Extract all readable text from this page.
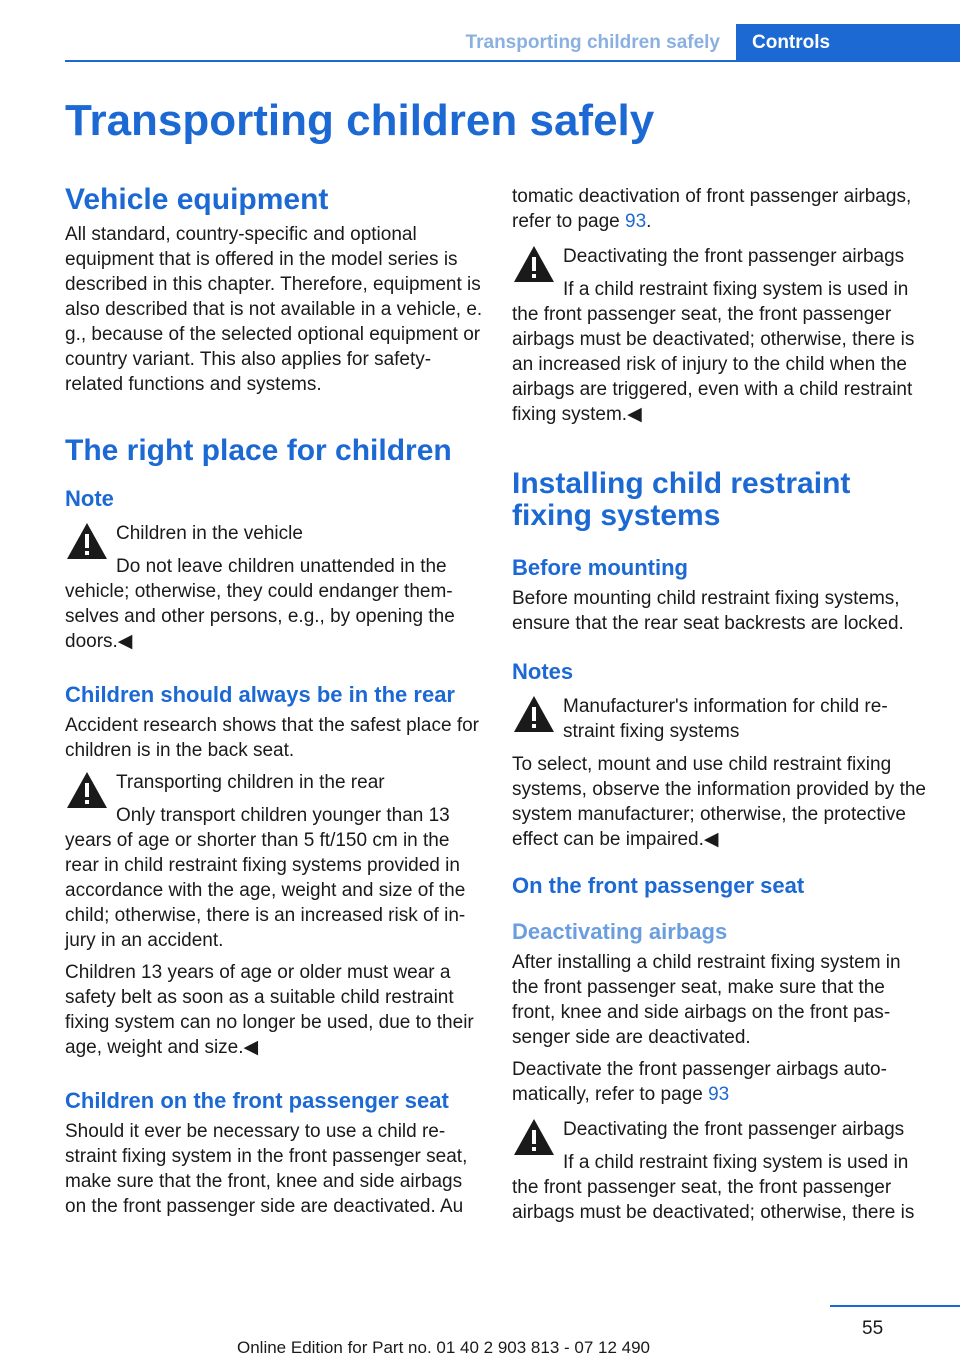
Transporting children safely	Controls
Transporting children safely
Vehicle equipment

All standard, country-specific and optional equipment that is offered in the model series is described in this chapter. Therefore, equipment is also described that is not available in a vehicle, e. g., because of the selected optional equipment or country variant. This also applies for safety-related functions and systems.

The right place for children
Note

Children in the vehicle

Do not leave children unattended in the vehicle; otherwise, they could endanger themselves and other persons, e.g., by opening the doors.◀

Children should always be in the rear

Accident research shows that the safest place for children is in the back seat.

Transporting children in the rear

Only transport children younger than 13 years of age or shorter than 5 ft/150 cm in the rear in child restraint fixing systems provided in accordance with the age, weight and size of the child; otherwise, there is an increased risk of injury in an accident.

Children 13 years of age or older must wear a safety belt as soon as a suitable child restraint fixing system can no longer be used, due to their age, weight and size.◀

Children on the front passenger seat

Should it ever be necessary to use a child restraint fixing system in the front passenger seat, make sure that the front, knee and side airbags on the front passenger side are deactivated. Au

tomatic deactivation of front passenger airbags, refer to page 93.

Deactivating the front passenger airbags

If a child restraint fixing system is used in the front passenger seat, the front passenger airbags must be deactivated; otherwise, there is an increased risk of injury to the child when the airbags are triggered, even with a child restraint fixing system.◀

Installing child restraint fixing systems
Before mounting

Before mounting child restraint fixing systems, ensure that the rear seat backrests are locked.

Notes

Manufacturer's information for child restraint fixing systems

To select, mount and use child restraint fixing systems, observe the information provided by the system manufacturer; otherwise, the protective effect can be impaired.◀

On the front passenger seat
Deactivating airbags

After installing a child restraint fixing system in the front passenger seat, make sure that the front, knee and side airbags on the front passenger side are deactivated.

Deactivate the front passenger airbags automatically, refer to page 93

Deactivating the front passenger airbags

If a child restraint fixing system is used in the front passenger seat, the front passenger airbags must be deactivated; otherwise, there is

55
Online Edition for Part no. 01 40 2 903 813 - 07 12 490
